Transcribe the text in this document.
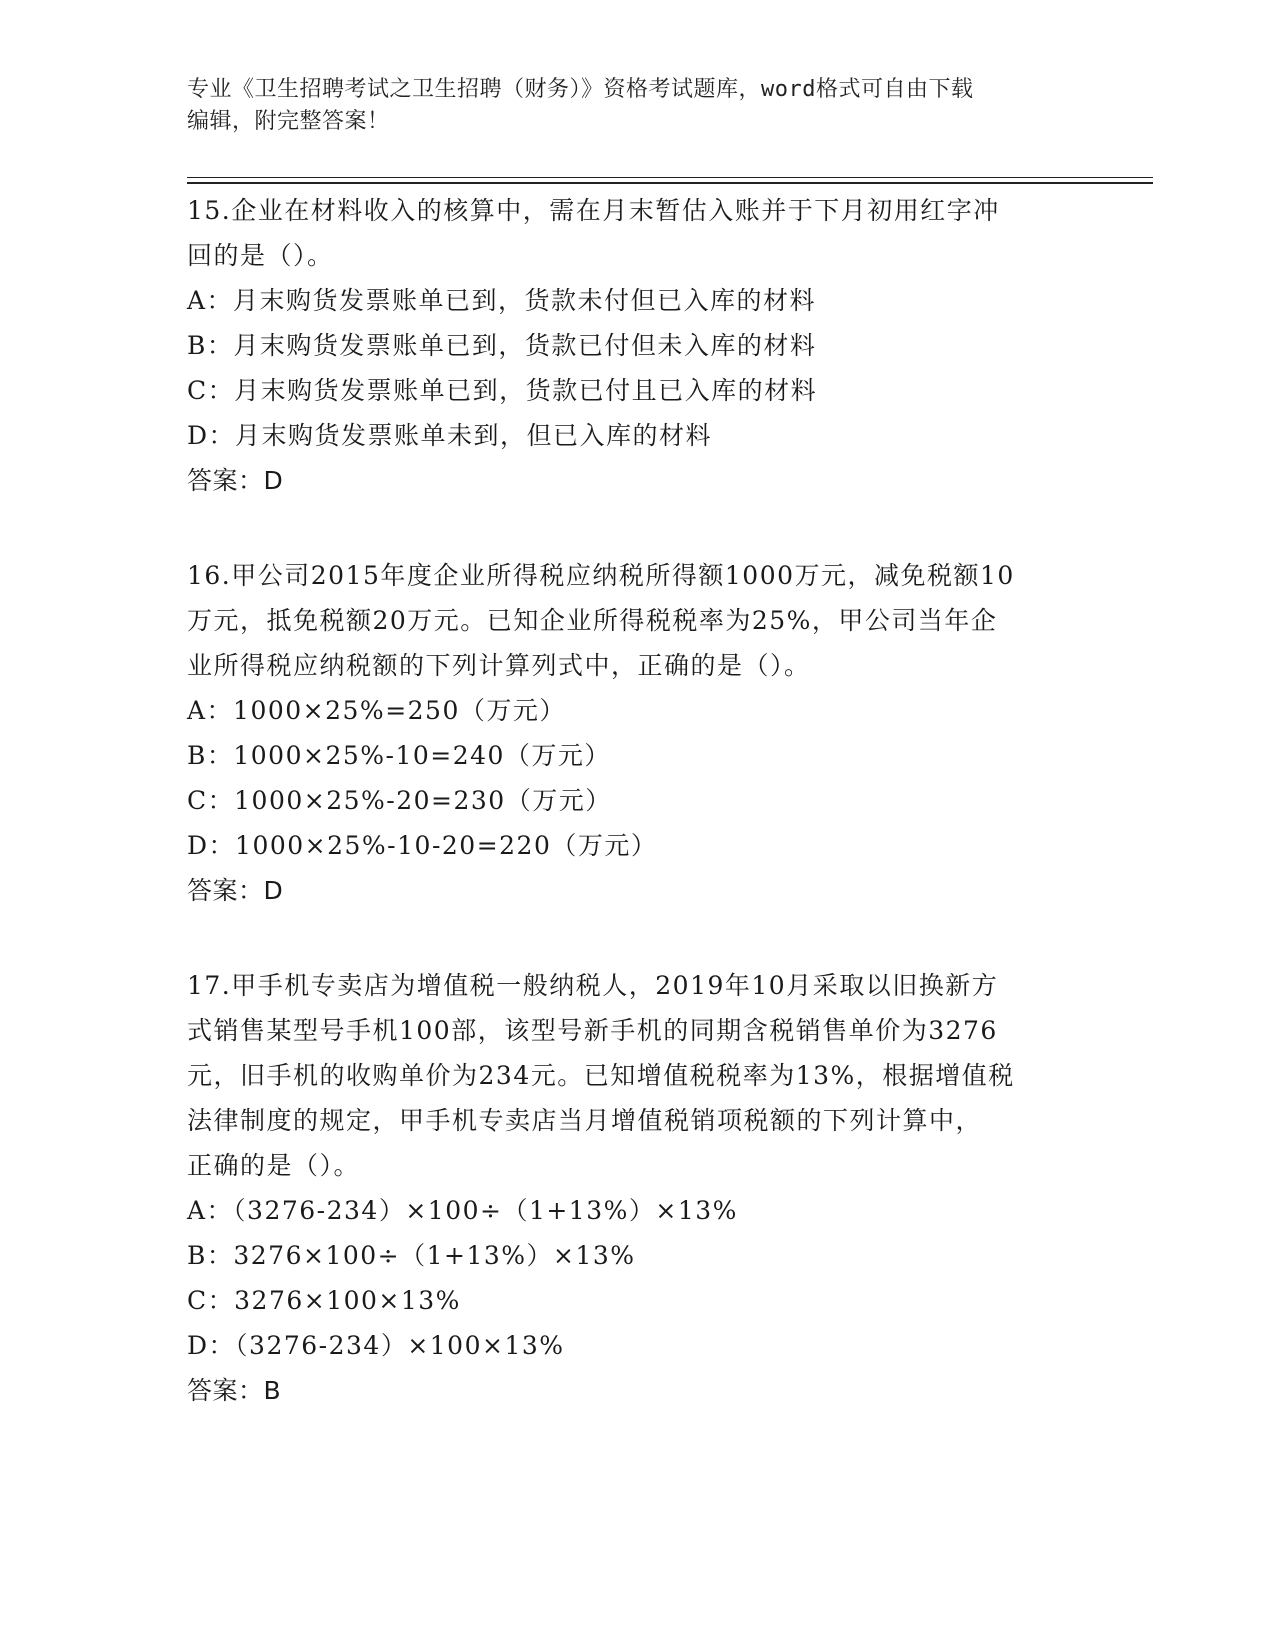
专业《卫生招聘考试之卫生招聘（财务）》资格考试题库，word格式可自由下载
编辑，附完整答案！
15.企业在材料收入的核算中，需在月末暂估入账并于下月初用红字冲
回的是（）。
A：月末购货发票账单已到，货款未付但已入库的材料
B：月末购货发票账单已到，货款已付但未入库的材料
C：月末购货发票账单已到，货款已付且已入库的材料
D：月末购货发票账单未到，但已入库的材料
答案：D
16.甲公司2015年度企业所得税应纳税所得额1000万元，减免税额10
万元，抵免税额20万元。已知企业所得税税率为25%，甲公司当年企
业所得税应纳税额的下列计算列式中，正确的是（）。
A：1000×25%=250（万元）
B：1000×25%-10=240（万元）
C：1000×25%-20=230（万元）
D：1000×25%-10-20=220（万元）
答案：D
17.甲手机专卖店为增值税一般纳税人，2019年10月采取以旧换新方
式销售某型号手机100部，该型号新手机的同期含税销售单价为3276
元，旧手机的收购单价为234元。已知增值税税率为13%，根据增值税
法律制度的规定，甲手机专卖店当月增值税销项税额的下列计算中，
正确的是（）。
A：（3276-234）×100÷（1+13%）×13%
B：3276×100÷（1+13%）×13%
C：3276×100×13%
D：（3276-234）×100×13%
答案：B
